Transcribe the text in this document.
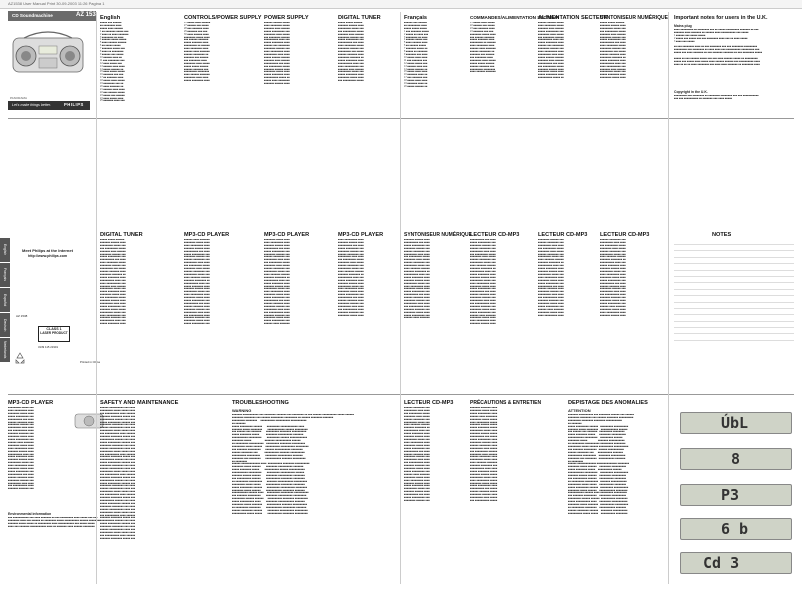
AZ1538 User Manual Print 30-09-2003 11:26 Pagina 1
CD Soundmachine	AZ 1538
PANORAMA
Let's make things better.	PHILIPS
English
■■■■■ ■■■ ■■■■■■
■■ ■■■■■■■■ ■■■■
■■■■■ ■■■■ ■■■■■■
1 ■■ ■■■■■■■ ■■■■■ ■■■
2 ■■■■ ■■ ■■■■ ■■■■■■■
3 ■■■■■■■■ ■■ ■■■■
4 ■■■■■■ ■■■■■ ■■■■■
5 ■■■■ ■■■■■■ ■■■■■■
6 ■■ ■■■■■ ■■■■■
7 ■■■■■■■ ■■■■■ ■■■
8 ■■■■ ■■ ■■■■■■■■
9 ■■■■■■ ■■■ ■■■■■
10 ■■■■■■ ■■■■ ■■
11 ■■■ ■■■■■■■■ ■■■
12 ■■■■ ■■■■■ ■■■
13 ■■■■■■ ■■■■ ■■■■
14 ■■■■■ ■■■■■■ ■■
15 ■■■■ ■■■■■ ■■■■■
16 ■■■■■■■ ■■■ ■■■
17 ■■ ■■■■■■■ ■■■■
18 ■■■■■ ■■■■ ■■■■■
19 ■■■■■■■■ ■■■ ■■
20 ■■■■ ■■■■■■■ ■■
21 ■■■■■■ ■■■■ ■■■■
22 ■■■ ■■■■■■ ■■■■■
23 ■■■■■ ■■■ ■■■■■■
24 ■■■■ ■■■■■ ■■■■
25 ■■■■■■■ ■■■■ ■■■
CONTROLS/POWER SUPPLY
26 ■■■■■ ■■■■ ■■■■■■
27 ■■■■■■ ■■■ ■■■■■
28 ■■■ ■■■■■■■ ■■■■
29 ■■■■■■■ ■■■ ■■■
30 ■■■■ ■■■■■■ ■■■■
■■■■■■■■ ■■■■■ ■■■■
■■■ ■■■■■■ ■■■■■■■
■■■■■ ■■■■■■■ ■■■■
■■■■■■■■■ ■■ ■■■■■■
■■■■ ■■■■■■■■ ■■■■
■■■■■■ ■■■■ ■■■■■■■
■■■■■■ ■■■■■■■■ ■■
■■■■■■■ ■■■ ■■■■■■
■■■ ■■■■■■■■ ■■■■
■■■■■■■■ ■■■■ ■■■■■
■■■■■ ■■■■■ ■■■■■■
■■■■■■ ■■■■■■■ ■■■
■■■■■■■■■ ■■■■■■■■
■■■■ ■■■■■■ ■■■■■■■
■■■■■■■■ ■■■■ ■■■■
■■■■■ ■■■■■■■■ ■■■■
POWER SUPPLY
■■■■■■ ■■■■■■ ■■■■■
■■■■ ■■■■■■■■ ■■■■■
■■■■■■■ ■■■■ ■■■■■■
■■■■■ ■■■■■■■■■ ■■■
■■■■■■■■ ■■■■ ■■■■■
■■■ ■■■■■■■■ ■■■■■■
■■■■■■■■■■ ■■■■ ■■■
■■■■■ ■■■■■■■■ ■■■■
■■■■■■ ■■■ ■■■■■■■■
■■■■■■■■ ■■■■■■ ■■■
■■■■ ■■■■■■■■■ ■■■■
■■■■■■■■■ ■■■■ ■■■■
■■■■■ ■■■■■■ ■■■■■■
■■■■■■■ ■■■■ ■■■■■■
■■■■■■■■■■ ■■■ ■■■■
■■■ ■■■■■■■■■ ■■■■■
■■■■■■■ ■■■■■■ ■■■■
■■■■■■■■ ■■■■■ ■■■■
■■■■■ ■■■■■■■■ ■■■■
■■■■■■■■■■ ■■■■■ ■■
■■■■■ ■■■■ ■■■■■■■■
■■■■■■■ ■■■■■■ ■■■■
DIGITAL TUNER
■■■■■ ■■■■■ ■■■■■■
■■■■■■■ ■■■■■■ ■■■■
■■■■■■■■■ ■■■■■ ■■■
■■■ ■■■■■■■■■ ■■■■■
■■■■■■■ ■■■■ ■■■■■■
■■■■■■■■ ■■■■■■ ■■■
■■■■■ ■■■■■■■■■ ■■■
■■■■■■■■■■ ■■■ ■■■■
■■■■ ■■■■■■■■ ■■■■■
■■■■■■■■ ■■■■■■ ■■■
■■■■■■■■■ ■■■ ■■■■■
■■■■■■ ■■■■■■■ ■■■■
■■■■■■■■ ■■■■■■■ ■■
■■■■■ ■■■■■■■■ ■■■■
■■■■■■■■■■ ■■■■ ■■■
■■■■ ■■■■■■■■■■ ■■■
■■■■■■■ ■■■■ ■■■■■■
■■■■■■■■■ ■■■■■ ■■■
■■■■■ ■■■■■■■■ ■■■■
■■■■■■■■ ■■■■■ ■■■■
■■■ ■■■■■■■■■ ■■■■■
Français
■■■■■■ ■■■ ■■■■■■
■■ ■■■■■■■■■ ■■■■
■■■■■ ■■■■■ ■■■■■
1 ■■■ ■■■■■■■ ■■■■■
2 ■■■■■ ■■ ■■■■ ■■■
3 ■■■■■■■■ ■■ ■■■■
4 ■■■■■■ ■■■■■ ■■■
5 ■■■■ ■■■■■■ ■■■■
6 ■■ ■■■■■■ ■■■■■
7 ■■■■■■■ ■■■■■ ■■
8 ■■■■■ ■■ ■■■■■■■
9 ■■■■■■■ ■■■ ■■■■
10 ■■■■■ ■■■■ ■■■■
11 ■■■ ■■■■■■■ ■■■
12 ■■■■■ ■■■■■ ■■■
13 ■■■■■■ ■■■■ ■■■
14 ■■■■■ ■■■■■■ ■■
15 ■■■■■ ■■■■ ■■■■
16 ■■■■■■■ ■■■■ ■■
17 ■■■ ■■■■■■■ ■■■
18 ■■■■■ ■■■■ ■■■■
19 ■■■■■■■ ■■■■ ■■
20 ■■■■■ ■■■■■■ ■■
COMMANDES/ALIMENTATION SECTEUR
21 ■■■■■ ■■■■ ■■■■■
22 ■■■■■■ ■■■ ■■■■■
23 ■■■ ■■■■■■■ ■■■■
24 ■■■■■■■ ■■■ ■■■
■■■■■■■■ ■■■■■ ■■■■
■■■ ■■■■■■ ■■■■■■■
■■■■■ ■■■■■■■ ■■■■
■■■■■■■■■ ■■ ■■■■■■
■■■■ ■■■■■■■■ ■■■■
■■■■■■ ■■■■ ■■■■■■■
■■■■■■ ■■■■■■■■ ■■
■■■■■■■ ■■■ ■■■■■■
■■■ ■■■■■■■■ ■■■■
■■■■■■■■ ■■■■ ■■■■■
■■■■■ ■■■■■ ■■■■■■
■■■■■■ ■■■■■■■ ■■■
■■■■■■■■■ ■■■■■■■■
■■■■ ■■■■■■ ■■■■■■■
ALIMENTATION SECTEUR
■■■■■■ ■■■■■■ ■■■■■
■■■■ ■■■■■■■■ ■■■■■
■■■■■■■ ■■■■ ■■■■■■
■■■■■ ■■■■■■■■■ ■■■
■■■■■■■■ ■■■■ ■■■■■
■■■ ■■■■■■■■ ■■■■■■
■■■■■■■■■■ ■■■■ ■■■
■■■■■ ■■■■■■■■ ■■■■
■■■■■■ ■■■ ■■■■■■■■
■■■■■■■■ ■■■■■■ ■■■
■■■■ ■■■■■■■■■ ■■■■
■■■■■■■■■ ■■■■ ■■■■
■■■■■ ■■■■■■ ■■■■■■
■■■■■■■ ■■■■ ■■■■■■
■■■■■■■■■■ ■■■ ■■■■
■■■ ■■■■■■■■■ ■■■■■
■■■■■■■ ■■■■■■ ■■■■
■■■■■■■■ ■■■■■ ■■■■
■■■■■ ■■■■■■■■ ■■■■
■■■■■■■■■■ ■■■■■ ■■
SYNTONISEUR NUMÉRIQUE
■■■■■ ■■■■■ ■■■■■■
■■■■■■■ ■■■■■■ ■■■■
■■■■■■■■■ ■■■■■ ■■■
■■■ ■■■■■■■■■ ■■■■■
■■■■■■■ ■■■■ ■■■■■■
■■■■■■■■ ■■■■■■ ■■■
■■■■■ ■■■■■■■■■ ■■■
■■■■■■■■■■ ■■■ ■■■■
■■■■ ■■■■■■■■ ■■■■■
■■■■■■■■ ■■■■■■ ■■■
■■■■■■■■■ ■■■ ■■■■■
■■■■■■ ■■■■■■■ ■■■■
■■■■■■■■ ■■■■■■■ ■■
■■■■■ ■■■■■■■■ ■■■■
■■■■■■■■■■ ■■■■ ■■■
■■■■ ■■■■■■■■■■ ■■■
■■■■■■■ ■■■■ ■■■■■■
■■■■■■■■■ ■■■■■ ■■■
■■■■■ ■■■■■■■■ ■■■■
■■■■■■■■ ■■■■■ ■■■■
Important notes for users in the U.K.
Mains plug
■■■■ ■■■■■■■■■ ■■ ■■■■■■■■ ■■■ ■■ ■■■■■ ■■■■■■■■■ ■■■■■■■ ■■ ■■■
■■■■■■■ ■■■■ ■■■■■■■ ■■ ■■■■■■ ■■■■ ■■■■■■■■■■ ■■■ ■■■■■
1 ■■■■■■ ■■■ ■■■■■ ■■■■■
2 ■■■■■ ■■■ ■■■■■ ■■■ ■■■ ■■■■■■■■ ■■■■ ■■■ ■■ ■■■■ ■■■■■
3 ■■■■ ■■■ ■■■■■

■■ ■■■ ■■■■■■■■ ■■■■ ■■ ■■■ ■■■■■■■■ ■■■ ■■■ ■■■■■■■■ ■■■■■■■■■
■■■■■■■■■ ■■■ ■■■■■■■■ ■■ ■■■■ ■■■■ ■■■ ■■■■■■■■■■ ■■■■■■■■■ ■■■
■■■■■ ■■■ ■■■■ ■■■■■■■ ■■ ■■■ ■■■■■■■ ■■■■■■■ ■■ ■■■ ■■■■■■■■ ■■■■■

■■■■■ ■■ ■■■ ■■■■■■ ■■■■■ ■■■ ■■■ ■■■■ ■■■■■■ ■■■■■ ■■ ■■■■■■■■■
■■■■■ ■■■ ■■■■■ ■■■■ ■■■■■ ■■■■ ■■■■■■ ■■■■■■ ■■■ ■■■■■■■■■■ ■■■■
■■■■ ■■ ■■ ■■ ■■■■ ■■■■■■■■ ■■■ ■■■■ ■■■■ ■■■■■■■ ■■ ■■■■■■■■ ■■■■
Copyright in the U.K.
■■■■■■■■■ ■■■ ■■■■■■■■ ■■ ■■■■■■■■ ■■■■■■■■ ■■■ ■■■ ■■■■■■■■■■■
■■■ ■■■ ■■■■■■■■■■ ■■ ■■■■■■■ ■■■ ■■■■ ■■■■■
English
Français
Español
Deutsch
Nederlands
Meet Philips at the Internet
http://www.philips.com
AZ 1538
CLASS 1
LASER PRODUCT
3139 115 21901
Printed in China
DIGITAL TUNER
■■■■■ ■■■■■ ■■■■■■
■■■■■■■ ■■■■■■ ■■■■
■■■■■■■■■ ■■■■■ ■■■
■■■ ■■■■■■■■■ ■■■■■
■■■■■■■ ■■■■ ■■■■■■
■■■■■■■■ ■■■■■■ ■■■
■■■■■ ■■■■■■■■■ ■■■
■■■■■■■■■■ ■■■ ■■■■
■■■■ ■■■■■■■■ ■■■■■
■■■■■■■■ ■■■■■■ ■■■
■■■■■■■■■ ■■■ ■■■■■
■■■■■■ ■■■■■■■ ■■■■
■■■■■■■■ ■■■■■■■ ■■
■■■■■ ■■■■■■■■ ■■■■
■■■■■■■■■■ ■■■■ ■■■
■■■■ ■■■■■■■■■■ ■■■
■■■■■■■ ■■■■ ■■■■■■
■■■■■■■■■ ■■■■■ ■■■
■■■■■ ■■■■■■■■ ■■■■
■■■■■■■■ ■■■■■ ■■■■
■■■ ■■■■■■■■■ ■■■■■
■■■■■■■ ■■■■■■ ■■■■
■■■■■■■■■ ■■■■ ■■■■
■■■■■ ■■■■■■■■■ ■■■
■■■■■■■ ■■■■■ ■■■■■
■■■■■■■■■ ■■■■■ ■■■
■■■■ ■■■■■■■■■■ ■■■
■■■■■■■ ■■■■■■■ ■■■
■■■■■■■■■■ ■■■■ ■■■
■■■■■ ■■■■■■■■ ■■■■
MP3-CD PLAYER
■■■■■■ ■■■■ ■■■■■■■
■■■■■■■■ ■■■■■ ■■■■
■■■■ ■■■■■■■■■ ■■■■
■■■■■■■ ■■■■■■ ■■■■
■■■■■■■■■■ ■■■ ■■■■
■■■■■ ■■■■■■■■■ ■■■
■■■■■■■■ ■■■■■■ ■■■
■■■■■■ ■■■■■■■■ ■■■
■■■■■■■■■ ■■■■ ■■■■
■■■ ■■■■■■■■■ ■■■■■
■■■■■■■■ ■■■■ ■■■■■
■■■■■■ ■■■■■■■■ ■■■
■■■■■■■■■ ■■■■■ ■■■
■■■■ ■■■■■■■ ■■■■■■
■■■■■■■ ■■■■■■■■ ■■
■■■■■■■■■■ ■■■■ ■■■
■■■■■ ■■■■■■■■ ■■■■
■■■■■■■ ■■■■■■ ■■■■
■■■■■■■■■ ■■■■■ ■■■
■■■■ ■■■■■■■■■ ■■■■
■■■■■■■■ ■■■■■ ■■■■
■■■■■ ■■■■■■■■■ ■■■
■■■■■■■■■■ ■■■ ■■■■
■■■■■■ ■■■■■■■ ■■■■
■■■■■■■■ ■■■■■■ ■■■
■■■■■■■■■ ■■■■ ■■■■
■■■ ■■■■■■■■■■ ■■■■
■■■■■■■ ■■■■■■■ ■■■
■■■■■■■■ ■■■■■ ■■■■
■■■■■ ■■■■■■■■■ ■■■
MP3-CD PLAYER
■■■■■■■■ ■■■■■ ■■■■
■■■■ ■■■■■■■■■ ■■■■
■■■■■■■ ■■■■■■ ■■■■
■■■■■■■■■■ ■■■ ■■■■
■■■■■ ■■■■■■■■■ ■■■
■■■■■■■■ ■■■■■■ ■■■
■■■■■■ ■■■■■■■■ ■■■
■■■■■■■■■ ■■■■ ■■■■
■■■ ■■■■■■■■■ ■■■■■
■■■■■■■■ ■■■■ ■■■■■
■■■■■■ ■■■■■■■■ ■■■
■■■■■■■■■ ■■■■■ ■■■
■■■■ ■■■■■■■ ■■■■■■
■■■■■■■ ■■■■■■■■ ■■
■■■■■■■■■■ ■■■■ ■■■
■■■■■ ■■■■■■■■ ■■■■
■■■■■■■ ■■■■■■ ■■■■
■■■■■■■■■ ■■■■■ ■■■
■■■■ ■■■■■■■■■ ■■■■
■■■■■■■■ ■■■■■ ■■■■
■■■■■ ■■■■■■■■■ ■■■
■■■■■■■■■■ ■■■ ■■■■
■■■■■■ ■■■■■■■ ■■■■
■■■■■■■■ ■■■■■■ ■■■
■■■■■■■■■ ■■■■ ■■■■
■■■ ■■■■■■■■■■ ■■■■
■■■■■■■ ■■■■■■■ ■■■
■■■■■■■■ ■■■■■ ■■■■
■■■■■ ■■■■■■■■■ ■■■
■■■■■■ ■■■■ ■■■■■■■
MP3-CD PLAYER
■■■■ ■■■■■■■■■ ■■■■
■■■■■■■ ■■■■■■ ■■■■
■■■■■■■■■■ ■■■ ■■■■
■■■■■ ■■■■■■■■■ ■■■
■■■■■■■■ ■■■■■■ ■■■
■■■■■■ ■■■■■■■■ ■■■
■■■■■■■■■ ■■■■ ■■■■
■■■ ■■■■■■■■■ ■■■■■
■■■■■■■■ ■■■■ ■■■■■
■■■■■■ ■■■■■■■■ ■■■
■■■■■■■■■ ■■■■■ ■■■
■■■■ ■■■■■■■ ■■■■■■
■■■■■■■ ■■■■■■■■ ■■
■■■■■■■■■■ ■■■■ ■■■
■■■■■ ■■■■■■■■ ■■■■
■■■■■■■ ■■■■■■ ■■■■
■■■■■■■■■ ■■■■■ ■■■
■■■■ ■■■■■■■■■ ■■■■
■■■■■■■■ ■■■■■ ■■■■
■■■■■ ■■■■■■■■■ ■■■
■■■■■■■■■■ ■■■ ■■■■
■■■■■■ ■■■■■■■ ■■■■
■■■■■■■■ ■■■■■■ ■■■
■■■■■■■■■ ■■■■ ■■■■
■■■ ■■■■■■■■■■ ■■■■
■■■■■■■ ■■■■■■■ ■■■
■■■■■■■■ ■■■■■ ■■■■
SYNTONISEUR NUMÉRIQUE
■■■■■■■ ■■■■■■ ■■■■
■■■■■■■■■■ ■■■ ■■■■
■■■■■ ■■■■■■■■■ ■■■
■■■■■■■■ ■■■■■■ ■■■
■■■■■■ ■■■■■■■■ ■■■
■■■■■■■■■ ■■■■ ■■■■
■■■ ■■■■■■■■■ ■■■■■
■■■■■■■■ ■■■■ ■■■■■
■■■■■■ ■■■■■■■■ ■■■
■■■■■■■■■ ■■■■■ ■■■
■■■■ ■■■■■■■ ■■■■■■
■■■■■■■ ■■■■■■■■ ■■
■■■■■■■■■■ ■■■■ ■■■
■■■■■ ■■■■■■■■ ■■■■
■■■■■■■ ■■■■■■ ■■■■
■■■■■■■■■ ■■■■■ ■■■
■■■■ ■■■■■■■■■ ■■■■
■■■■■■■■ ■■■■■ ■■■■
■■■■■ ■■■■■■■■■ ■■■
■■■■■■■■■■ ■■■ ■■■■
■■■■■■ ■■■■■■■ ■■■■
■■■■■■■■ ■■■■■■ ■■■
■■■■■■■■■ ■■■■ ■■■■
■■■ ■■■■■■■■■■ ■■■■
■■■■■■■ ■■■■■■■ ■■■
■■■■■■■■ ■■■■■ ■■■■
■■■■■ ■■■■■■■■■ ■■■
■■■■■■ ■■■■ ■■■■■■■
LECTEUR CD-MP3
■■■■■■■■■■ ■■■ ■■■■
■■■■■ ■■■■■■■■■ ■■■
■■■■■■■■ ■■■■■■ ■■■
■■■■■■ ■■■■■■■■ ■■■
■■■■■■■■■ ■■■■ ■■■■
■■■ ■■■■■■■■■ ■■■■■
■■■■■■■■ ■■■■ ■■■■■
■■■■■■ ■■■■■■■■ ■■■
■■■■■■■■■ ■■■■■ ■■■
■■■■ ■■■■■■■ ■■■■■■
■■■■■■■ ■■■■■■■■ ■■
■■■■■■■■■■ ■■■■ ■■■
■■■■■ ■■■■■■■■ ■■■■
■■■■■■■ ■■■■■■ ■■■■
■■■■■■■■■ ■■■■■ ■■■
■■■■ ■■■■■■■■■ ■■■■
■■■■■■■■ ■■■■■ ■■■■
■■■■■ ■■■■■■■■■ ■■■
■■■■■■■■■■ ■■■ ■■■■
■■■■■■ ■■■■■■■ ■■■■
■■■■■■■■ ■■■■■■ ■■■
■■■■■■■■■ ■■■■ ■■■■
■■■ ■■■■■■■■■■ ■■■■
■■■■■■■ ■■■■■■■ ■■■
■■■■■■■■ ■■■■■ ■■■■
■■■■■ ■■■■■■■■■ ■■■
■■■■■■ ■■■■ ■■■■■■■
■■■■■■■■ ■■■■■ ■■■■
■■■■ ■■■■■■■■■ ■■■■
■■■■■■■ ■■■■■■ ■■■■
LECTEUR CD-MP3
■■■■■■■■ ■■■■■■ ■■■
■■■■■■ ■■■■■■■■ ■■■
■■■■■■■■■ ■■■■ ■■■■
■■■ ■■■■■■■■■ ■■■■■
■■■■■■■■ ■■■■ ■■■■■
■■■■■■ ■■■■■■■■ ■■■
■■■■■■■■■ ■■■■■ ■■■
■■■■ ■■■■■■■ ■■■■■■
■■■■■■■ ■■■■■■■■ ■■
■■■■■■■■■■ ■■■■ ■■■
■■■■■ ■■■■■■■■ ■■■■
■■■■■■■ ■■■■■■ ■■■■
■■■■■■■■■ ■■■■■ ■■■
■■■■ ■■■■■■■■■ ■■■■
■■■■■■■■ ■■■■■ ■■■■
■■■■■ ■■■■■■■■■ ■■■
■■■■■■■■■■ ■■■ ■■■■
■■■■■■ ■■■■■■■ ■■■■
■■■■■■■■ ■■■■■■ ■■■
■■■■■■■■■ ■■■■ ■■■■
■■■ ■■■■■■■■■■ ■■■■
■■■■■■■ ■■■■■■■ ■■■
■■■■■■■■ ■■■■■ ■■■■
■■■■■ ■■■■■■■■■ ■■■
■■■■■■ ■■■■ ■■■■■■■
■■■■■■■■ ■■■■■ ■■■■
■■■■ ■■■■■■■■■ ■■■■
LECTEUR CD-MP3
■■■■■■ ■■■■■■■■ ■■■
■■■■■■■■■ ■■■■ ■■■■
■■■ ■■■■■■■■■ ■■■■■
■■■■■■■■ ■■■■ ■■■■■
■■■■■■ ■■■■■■■■ ■■■
■■■■■■■■■ ■■■■■ ■■■
■■■■ ■■■■■■■ ■■■■■■
■■■■■■■ ■■■■■■■■ ■■
■■■■■■■■■■ ■■■■ ■■■
■■■■■ ■■■■■■■■ ■■■■
■■■■■■■ ■■■■■■ ■■■■
■■■■■■■■■ ■■■■■ ■■■
■■■■ ■■■■■■■■■ ■■■■
■■■■■■■■ ■■■■■ ■■■■
■■■■■ ■■■■■■■■■ ■■■
■■■■■■■■■■ ■■■ ■■■■
■■■■■■ ■■■■■■■ ■■■■
■■■■■■■■ ■■■■■■ ■■■
■■■■■■■■■ ■■■■ ■■■■
■■■ ■■■■■■■■■■ ■■■■
■■■■■■■ ■■■■■■■ ■■■
■■■■■■■■ ■■■■■ ■■■■
■■■■■ ■■■■■■■■■ ■■■
■■■■■■ ■■■■ ■■■■■■■
■■■■■■■■ ■■■■■ ■■■■
■■■■ ■■■■■■■■■ ■■■■
■■■■■■■ ■■■■■■ ■■■■
NOTES
MP3-CD PLAYER
■■■■■■■■■ ■■■■■ ■■■
■■■■ ■■■■■■■■■ ■■■■
■■■■■■■■ ■■■■■ ■■■■
■■■■■ ■■■■■■■■■ ■■■
■■■■■■■■■■ ■■■ ■■■■
■■■■■■ ■■■■■■■ ■■■■
■■■■■■■■ ■■■■■■ ■■■
■■■■■■■■■ ■■■■ ■■■■
■■■ ■■■■■■■■■■ ■■■■
■■■■■■■ ■■■■■■■ ■■■
■■■■■■■■ ■■■■■ ■■■■
■■■■■ ■■■■■■■■■ ■■■
■■■■■■ ■■■■ ■■■■■■■
■■■■■■■■ ■■■■■ ■■■■
■■■■ ■■■■■■■■■ ■■■■
■■■■■■■ ■■■■■■ ■■■■
■■■■■■■■■■ ■■■■ ■■■
■■■■■ ■■■■■■■■ ■■■■
■■■■■■■ ■■■■■■ ■■■■
■■■■■■■■■ ■■■■■ ■■■
■■■■ ■■■■■■■■■ ■■■■
■■■■■■■■ ■■■■■ ■■■■
■■■■■ ■■■■■■■■■ ■■■
■■■■■■■■■■ ■■■ ■■■■
■■■■■■ ■■■■■■■ ■■■■
■■■■■■■■ ■■■■■■ ■■■
■■■■■■■■■ ■■■■ ■■■■
■■■ ■■■■■■■■■■ ■■■■
■■■■■■■ ■■■■■■■ ■■■
Environmental information
■■■ ■■■■■■■■■■■ ■■■ ■■■■ ■■■■■■■ ■■ ■■■ ■■■■■■■■■ ■■■■ ■■■■■ ■■■
■■■■■■■■ ■■■■ ■■■ ■■■■■■ ■■ ■■■■■■■■ ■■■■■ ■■■■■■■■■■ ■■■■■■ ■■■■■■■■
■■■■■■■ ■■■■■ ■■■■■ ■■ ■■■■■■■■■ ■■■■ ■■■■■■■■■■■ ■■■ ■■■■■ ■■■■■
■■■■ ■■■ ■■■■■■■ ■■■■■■■■■■■ ■■■■ ■■ ■■■■■■■ ■■■■ ■■■■■■ ■■■■■■■■
SAFETY AND MAINTENANCE
■■■■■■ ■■■■■■■■■■ ■■■ ■■■■
■■■■■■■■■ ■■■■■ ■■■■■ ■■■■
■■■ ■■■■■■■■■■ ■■■■ ■■■■■■
■■■■■■■ ■■■■■■■■ ■■■■■ ■■■
■■■■■■■■■■ ■■■■■■ ■■■ ■■■■
■■■■■ ■■■■■■■■■ ■■■■■■ ■■■
■■■■■■■■ ■■■■■■■■ ■■■ ■■■■
■■■■■■ ■■■■■■■■■■ ■■■■ ■■■
■■■■■■■■■ ■■■■■ ■■■■■ ■■■■
■■■ ■■■■■■■■■■ ■■■■ ■■■■■■
■■■■■■■ ■■■■■■■■ ■■■■■ ■■■
■■■■■■■■■■ ■■■■■■ ■■■ ■■■■
■■■■■ ■■■■■■■■■ ■■■■■■ ■■■
■■■■■■■■ ■■■■■■■■ ■■■ ■■■■
■■■■■■ ■■■■■■■■■■ ■■■■ ■■■
■■■■■■■■■ ■■■■■ ■■■■■ ■■■■
■■■ ■■■■■■■■■■ ■■■■ ■■■■■■
■■■■■■■ ■■■■■■■■ ■■■■■ ■■■
■■■■■■■■■■ ■■■■■■ ■■■ ■■■■
■■■■■ ■■■■■■■■■ ■■■■■■ ■■■
■■■■■■■■ ■■■■■■■■ ■■■ ■■■■
■■■■■■ ■■■■■■■■■■ ■■■■ ■■■
■■■■■■■■■ ■■■■■ ■■■■■ ■■■■
■■■ ■■■■■■■■■■ ■■■■ ■■■■■■
■■■■■■■ ■■■■■■■■ ■■■■■ ■■■
■■■■■■■■■■ ■■■■■■ ■■■ ■■■■
■■■■■ ■■■■■■■■■ ■■■■■■ ■■■
■■■■■■■■ ■■■■■■■■ ■■■ ■■■■
■■■■■■ ■■■■■■■■■■ ■■■■ ■■■
■■■■■■■■■ ■■■■■ ■■■■■ ■■■■
■■■ ■■■■■■■■■■ ■■■■ ■■■■■■
■■■■■■■ ■■■■■■■■ ■■■■■ ■■■
■■■■■■■■■■ ■■■■■■ ■■■ ■■■■
■■■■■ ■■■■■■■■■ ■■■■■■ ■■■
■■■■■■■■ ■■■■■■■■ ■■■ ■■■■
■■■■■■ ■■■■■■■■■■ ■■■■ ■■■
■■■■■■■■■ ■■■■■ ■■■■■ ■■■■
■■■ ■■■■■■■■■■ ■■■■ ■■■■■■
■■■■■■■ ■■■■■■■■ ■■■■■ ■■■
■■■■■■■■■■ ■■■■■■ ■■■ ■■■■
■■■■■ ■■■■■■■■■ ■■■■■■ ■■■
■■■■■■■■ ■■■■■■■■ ■■■ ■■■■
■■■■■■ ■■■■■■■■■■ ■■■■ ■■■
■■■■■■■■■ ■■■■■ ■■■■■ ■■■■
■■■ ■■■■■■■■■■ ■■■■ ■■■■■■
■■■■■■■ ■■■■■■■■ ■■■■■ ■■■
TROUBLESHOOTING
WARNING
■■■■■■■ ■■■■■■■■■■■ ■■■ ■■■■■■■■ ■■■■■■■ ■■■ ■■■■■■■■ ■■ ■■■ ■■■■■■ ■■■■■■■■■■ ■■■■■ ■■■■■■
■■■■■■■■ ■■■■■■■■ ■■■ ■■■■■■ ■■■■■■■■■ ■■■■■■■■■ ■■ ■■■■■■ ■■■■■■■■ ■■■■■■■
■■■■■■■■■ ■■■■■■■■     ■■■■■■■■■■ ■■■■■■■■■■ ■■■■■■■■■■■
■■ ■■■■■■■
■■■■■ ■■■■■■■■■ ■■■■■■       ■■■■■■■■■ ■■■■■■■■■■■■ ■■■■
■■■■■■■ ■■■■■ ■■■■■■■■        ■■■■■■■■■■■■ ■■■■■■ ■■■■■■■■■
■■■ ■■■■■■ ■■■ ■■■■■■■       ■■■■■■■■■ ■■■■■■■■ ■■■■■■■■■■
■■■■■ ■■■■■■■■ ■■■■■          ■■■■■■■■ ■■■■■■■■■■ ■■■■■■■
■■■■■■■■■■■ ■■■■■■■■■        ■■■■■■■■■ ■■■■■■ ■■■■■■■■■■■■
■■■■■■■■ ■■■■■                    ■■■■■■■ ■■■■■■■■■■■ ■■■■■■
■■ ■■■■■■■■■ ■■■■■■■■■■    ■■■■■■■■■ ■■■■■■■■ ■■■■■■■■■
■■■■■■■■■ ■■■■■ ■■■■■■     ■■■■■■■■■■ ■■■■■■■■■■ ■■■■■■■■■
■■■ ■■■■■■■ ■■■■■■■■■       ■■■■■■ ■■■■■■■■■■■ ■■■■■■■■
■■■■■■ ■■■■■■■■ ■■■          ■■■■■■■■■■ ■■■■■■■ ■■■■■■■■■■
■■■■■■■■■■ ■■■■■■■■■        ■■■■■■■■ ■■■■■■■■■■ ■■■■■■■
■■■■■■■■ ■■■ ■■■■■■■■       ■■■■■■■■■■■ ■■■■■■■ ■■■■■■■■■
■■ ■■■■■■■■
■■■■■■ ■■■■■■■■■■■■■ ■■■■  ■■■■■■■■■■ ■■■■■■■■ ■■■■■■■■■■
■■■■■■■■ ■■■■■ ■■■■■■        ■■■■■■■■ ■■■■■■■■■■ ■■■■■■■
■■■■■ ■■■■■■■■ ■■■■■        ■■■■■■■■■■ ■■■■■■ ■■■■■■■■■■■
■■■■■■■■■■■ ■■■■■■■■■        ■■■■■■■■■ ■■■■■■■■■■ ■■■■■■
■■■■■■■ ■■■■■■ ■■■■■■        ■■■■■■■■ ■■■■■■■■■■ ■■■■■■■■
■■■ ■■■■■■■■■■ ■■■■■■        ■■■■■■■■■■ ■■■■■■■■ ■■■■■■■■
■■ ■■■■■■■■■ ■■■■■■■■■       ■■■■■■■ ■■■■■■■■■■■ ■■■■■■■■■
■■■■■■■■■ ■■■■■ ■■■■■        ■■■■■■■■■■ ■■■■■■■■ ■■■■■■■■
■■■■■ ■■■■■■■■■ ■■■■■■       ■■■■■■■■■ ■■■■■■■■■■ ■■■■■■■■
■■■■■■■■ ■■■■■ ■■■■■■        ■■■■■■■■■■■ ■■■■■■■■ ■■■■■■■
■■■■■■■■■■■ ■■■■■■ ■■■■     ■■■■■■■■■ ■■■■■■■■■ ■■■■■■■■■■
■■■ ■■■■■■■ ■■■■■■■■■        ■■■■■■■■ ■■■■■■■■■■ ■■■■■■■■■
■■■■■■■■■ ■■■■■■ ■■■■■■      ■■■■■■■■■■ ■■■■■■■■ ■■■■■■■■■
■■■■■ ■■■■■■■■■■ ■■■■        ■■■■■■■■ ■■■■■■■■■■■ ■■■■■■■
■■■■■■■■ ■■■■■ ■■■■■■■       ■■■■■■■■■■ ■■■■■■■ ■■■■■■■■■■
■■ ■■■■■■■■■ ■■■■■■■■        ■■■■■■■■■■■ ■■■■■■■■■ ■■■■■■■
■■■■■■ ■■■■■■■■ ■■■■■■        ■■■■■■■■ ■■■■■■■■■■ ■■■■■■■■■
■■■■■■■■■■ ■■■■■ ■■■■■        ■■■■■■■■■■ ■■■■■■■■ ■■■■■■■■■
LECTEUR CD-MP3
■■■■■■ ■■■■■■■■ ■■■
■■■■■■■■■ ■■■■ ■■■■
■■■ ■■■■■■■■■ ■■■■■
■■■■■■■■ ■■■■ ■■■■■
■■■■■■ ■■■■■■■■ ■■■
■■■■■■■■■ ■■■■■ ■■■
■■■■ ■■■■■■■ ■■■■■■
■■■■■■■ ■■■■■■■■ ■■
■■■■■■■■■■ ■■■■ ■■■
■■■■■ ■■■■■■■■ ■■■■
■■■■■■■ ■■■■■■ ■■■■
■■■■■■■■■ ■■■■■ ■■■
■■■■ ■■■■■■■■■ ■■■■
■■■■■■■■ ■■■■■ ■■■■
■■■■■ ■■■■■■■■■ ■■■
■■■■■■■■■■ ■■■ ■■■■
■■■■■■ ■■■■■■■ ■■■■
■■■■■■■■ ■■■■■■ ■■■
■■■■■■■■■ ■■■■ ■■■■
■■■ ■■■■■■■■■■ ■■■■
■■■■■■■ ■■■■■■■ ■■■
■■■■■■■■ ■■■■■ ■■■■
■■■■■ ■■■■■■■■■ ■■■
■■■■■■ ■■■■ ■■■■■■■
■■■■■■■■ ■■■■■ ■■■■
■■■■ ■■■■■■■■■ ■■■■
■■■■■■■ ■■■■■■ ■■■■
■■■■■ ■■■■■■■■ ■■■■
■■■■■■■■■ ■■■■■ ■■■
■■■■■■■ ■■■■■■ ■■■■
■■■■■■■■■■ ■■■ ■■■■
■■■■■ ■■■■■■■■■ ■■■
■■■■■■■■ ■■■■■■ ■■■
PRÉCAUTIONS & ENTRETIEN
■■■■■■■ ■■■■■■■ ■■■■
■■■■■■■■ ■■■■■ ■■■■■
■■■■■ ■■■■■■■■■ ■■■■
■■■■■■ ■■■■ ■■■■■■■■
■■■■■■■■ ■■■■■ ■■■■■
■■■■ ■■■■■■■■■ ■■■■■
■■■■■■■ ■■■■■■ ■■■■■
■■■■■ ■■■■■■■■ ■■■■■
■■■■■■■■■ ■■■■■ ■■■■
■■■■■■■ ■■■■■■ ■■■■■
■■■■■■■■■■ ■■■ ■■■■■
■■■■■ ■■■■■■■■■ ■■■■
■■■■■■■■ ■■■■■■ ■■■■
■■■■■■ ■■■■■■■■ ■■■■
■■■■■■■■■ ■■■■ ■■■■■
■■■ ■■■■■■■■■ ■■■■■■
■■■■■■■■ ■■■■ ■■■■■■
■■■■■■ ■■■■■■■■ ■■■■
■■■■■■■■■ ■■■■■ ■■■■
■■■■ ■■■■■■■ ■■■■■■■
■■■■■■■ ■■■■■■■■ ■■■
■■■■■■■■■■ ■■■■ ■■■■
■■■■■ ■■■■■■■■ ■■■■■
■■■■■■■ ■■■■■■ ■■■■■
■■■■■■■■■ ■■■■■ ■■■■
■■■■ ■■■■■■■■■ ■■■■■
■■■■■■■■ ■■■■■ ■■■■■
■■■■■ ■■■■■■■■■ ■■■■
■■■■■■■■■■ ■■■ ■■■■■
■■■■■■ ■■■■■■■ ■■■■■
■■■■■■■■ ■■■■■■ ■■■■
■■■■■■■■■ ■■■■ ■■■■■
■■■ ■■■■■■■■■■ ■■■■■
DEPISTAGE DES ANOMALIES
ATTENTION
■■■■■■■ ■■■■■■■■■■ ■■■ ■■■■■■■■ ■■■■■■ ■■■ ■■■■■■
■■■■■■■■ ■■■■■■■■ ■■■ ■■■■■■ ■■■■■■■■ ■■■■■■■■■■
■■■■■■■■■ ■■■■■■■■ ■■■■■■■■ ■■■■■■■■■■■
■■ ■■■■■■■
■■■■■ ■■■■■■■■■ ■■■■■■   ■■■■■■■■■ ■■■■■■■■■■
■■■■■■■ ■■■■■ ■■■■■■■■    ■■■■■■■■■■■■ ■■■■■■
■■■ ■■■■■■ ■■■ ■■■■■■■   ■■■■■■■■■ ■■■■■■■■
■■■■■ ■■■■■■■■ ■■■■■      ■■■■■■■■ ■■■■■■■■■■
■■■■■■■■■■■ ■■■■■■■■■    ■■■■■■■■■ ■■■■■■
■■■■■■■■ ■■■■■                ■■■■■■■ ■■■■■■■■■■■
■■ ■■■■■■■■■ ■■■■■■■■■■ ■■■■■■■■■ ■■■■■■■■
■■■■■■■■■ ■■■■■ ■■■■■■ ■■■■■■■■■■ ■■■■■■■■■■
■■■ ■■■■■■■ ■■■■■■■■■   ■■■■■■ ■■■■■■■■■■■
■■■■■■ ■■■■■■■■ ■■■      ■■■■■■■■■■ ■■■■■■■
■■■■■■■■■■ ■■■■■■■■■    ■■■■■■■■ ■■■■■■■■■■
■■■■■■■■ ■■■ ■■■■■■■■   ■■■■■■■■■■■ ■■■■■■■
■■ ■■■■■■■■
■■■■■■ ■■■■■■■■■■■■■ ■■■■■■■■■■■■■■ ■■■■■■■■
■■■■■■■■ ■■■■■ ■■■■■■    ■■■■■■■■ ■■■■■■■■■■
■■■■■ ■■■■■■■■ ■■■■■    ■■■■■■■■■■ ■■■■■■
■■■■■■■■■■■ ■■■■■■■■■    ■■■■■■■■■ ■■■■■■■■■■
■■■■■■■ ■■■■■■ ■■■■■■    ■■■■■■■■ ■■■■■■■■■■
■■■ ■■■■■■■■■■ ■■■■■■    ■■■■■■■■■■ ■■■■■■■■
■■ ■■■■■■■■■ ■■■■■■■■■   ■■■■■■■ ■■■■■■■■■■■
■■■■■■■■■ ■■■■■ ■■■■■    ■■■■■■■■■■ ■■■■■■■■
■■■■■ ■■■■■■■■■ ■■■■■■   ■■■■■■■■■ ■■■■■■■■■■
■■■■■■■■ ■■■■■ ■■■■■■    ■■■■■■■■■■■ ■■■■■■■■
■■■■■■■■■■■ ■■■■■■ ■■■■ ■■■■■■■■■ ■■■■■■■■■
■■■ ■■■■■■■ ■■■■■■■■■    ■■■■■■■■ ■■■■■■■■■■
■■■■■■■■■ ■■■■■■ ■■■■■■  ■■■■■■■■■■ ■■■■■■■■
■■■■■ ■■■■■■■■■■ ■■■■    ■■■■■■■■ ■■■■■■■■■■■
■■■■■■■■ ■■■■■ ■■■■■■■   ■■■■■■■■■■ ■■■■■■■■■
■■ ■■■■■■■■■ ■■■■■■■■    ■■■■■■■■■■■ ■■■■■■■
■■■■■■ ■■■■■■■■ ■■■■■■    ■■■■■■■■ ■■■■■■■■■■
■■■■■■■■■■ ■■■■■ ■■■■■    ■■■■■■■■■■ ■■■■■■■■
ÚbL
8
P3
6 b
Cd 3
